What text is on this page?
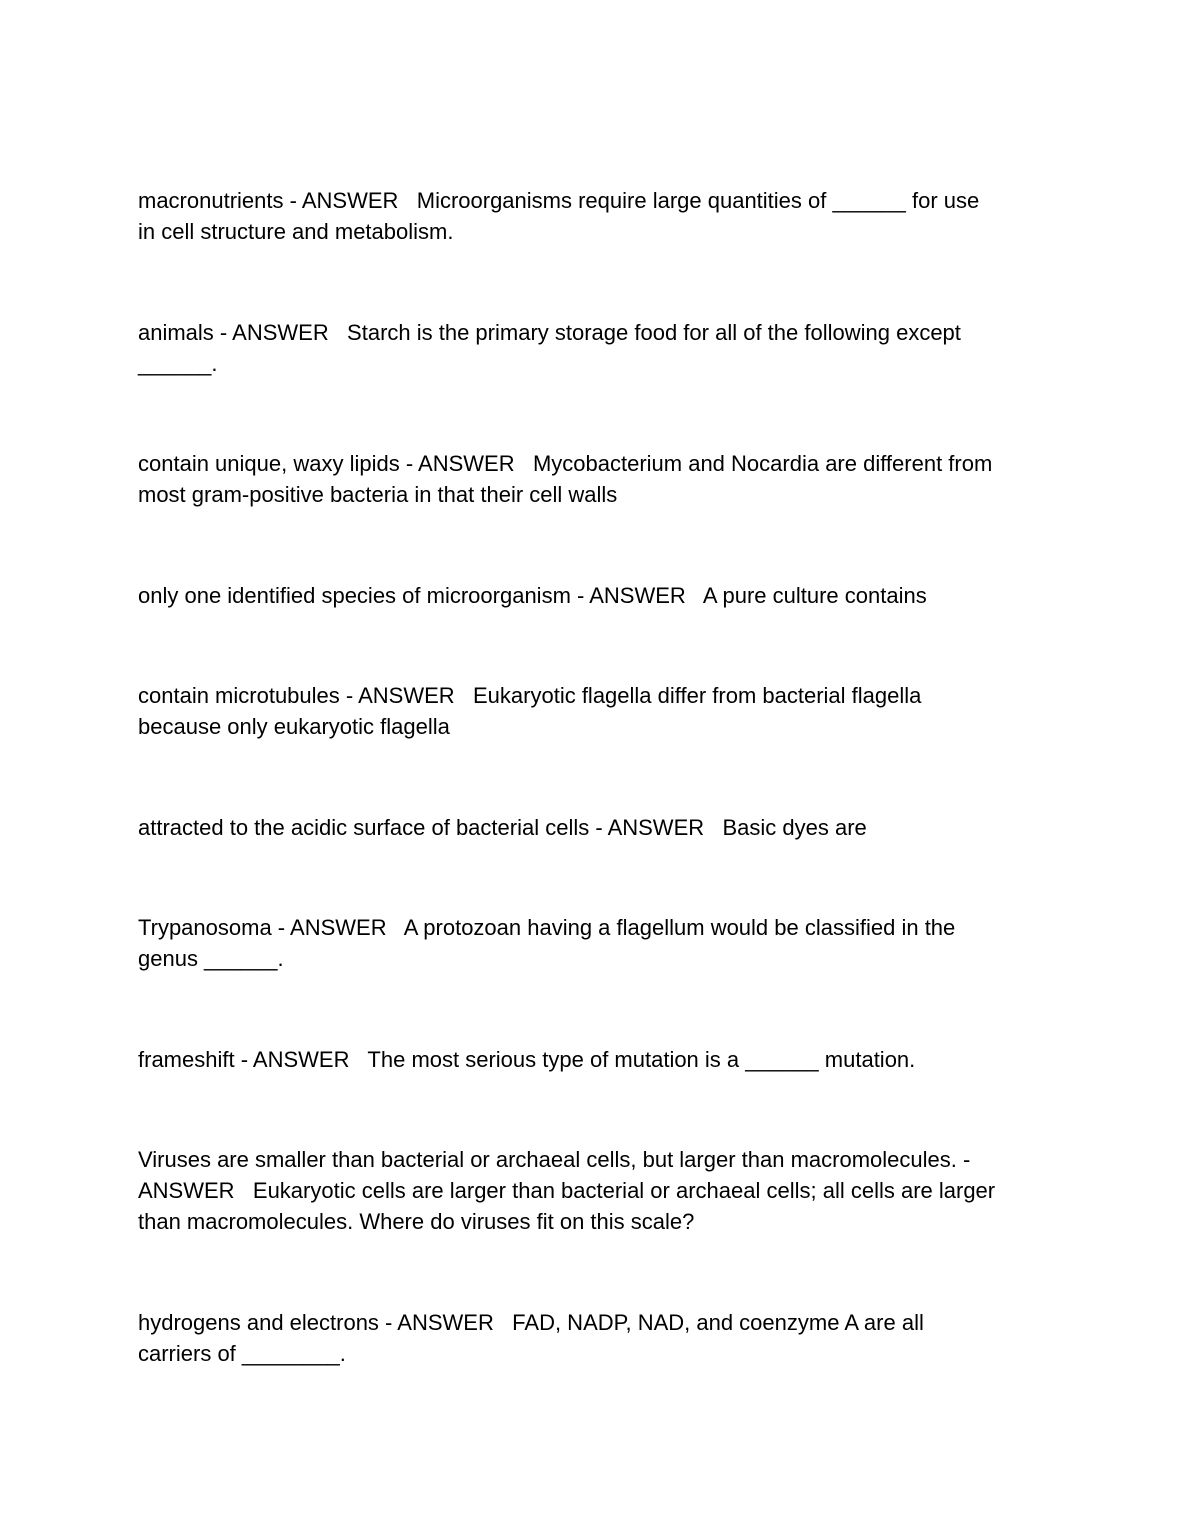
macronutrients - ANSWER   Microorganisms require large quantities of ______ for use
in cell structure and metabolism.

animals - ANSWER   Starch is the primary storage food for all of the following except
______.

contain unique, waxy lipids - ANSWER   Mycobacterium and Nocardia are different from
most gram-positive bacteria in that their cell walls

only one identified species of microorganism - ANSWER   A pure culture contains

contain microtubules - ANSWER   Eukaryotic flagella differ from bacterial flagella
because only eukaryotic flagella

attracted to the acidic surface of bacterial cells - ANSWER   Basic dyes are

Trypanosoma - ANSWER   A protozoan having a flagellum would be classified in the
genus ______.

frameshift - ANSWER   The most serious type of mutation is a ______ mutation.

Viruses are smaller than bacterial or archaeal cells, but larger than macromolecules. -
ANSWER   Eukaryotic cells are larger than bacterial or archaeal cells; all cells are larger
than macromolecules. Where do viruses fit on this scale?

hydrogens and electrons - ANSWER   FAD, NADP, NAD, and coenzyme A are all
carriers of ________.
